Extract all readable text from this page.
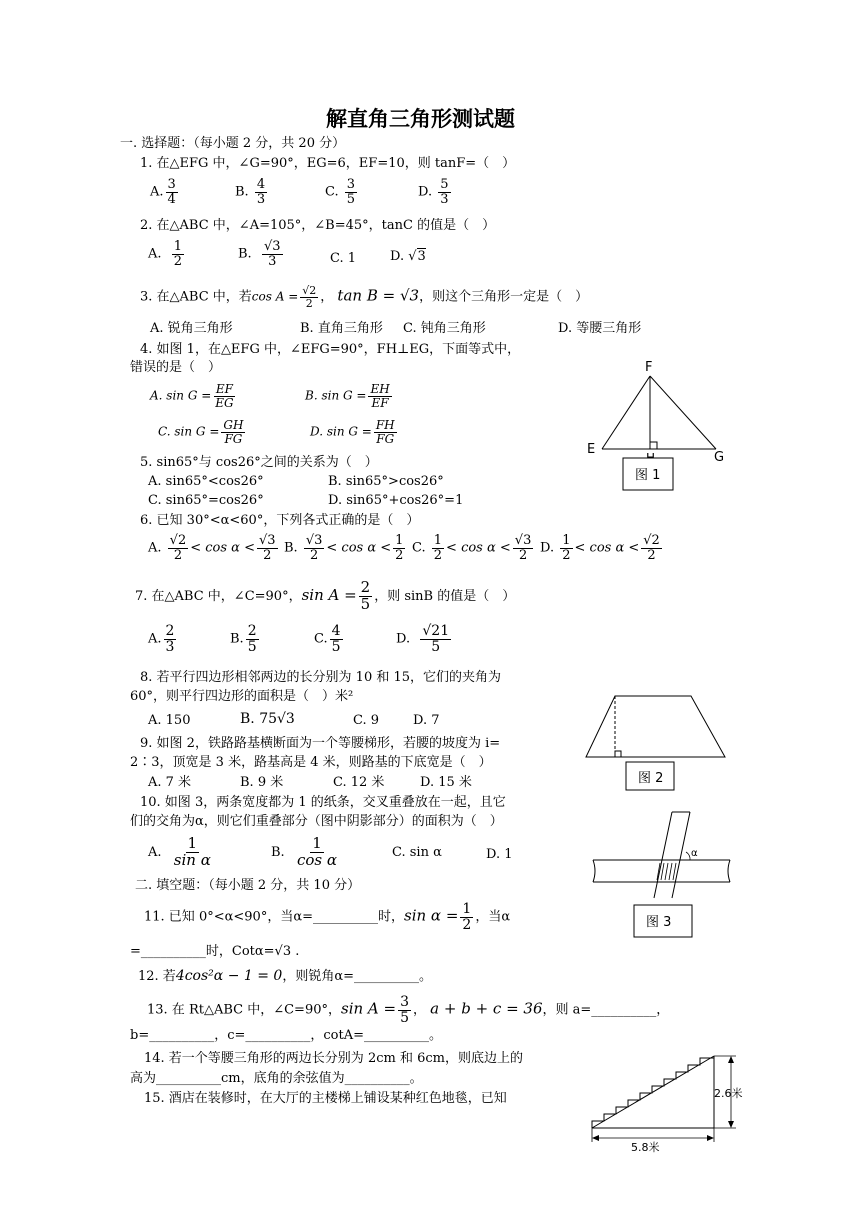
解直角三角形测试题
一. 选择题：（每小题 2 分，共 20 分）
1. 在△EFG 中，∠G=90°，EG=6，EF=10，则 tanF=（　）
A. $\frac{3}{4}$	B. $\frac{4}{3}$	C. $\frac{3}{5}$	D. $\frac{5}{3}$
2. 在△ABC 中，∠A=105°，∠B=45°，tanC 的值是（　）
A. $\frac{1}{2}$	B. $\frac{√3}{3}$	C. 1	D. √3
3. 在△ABC 中，若$\cos A = \frac{√2}{2}$ ， tan B = √3，则这个三角形一定是（　）
A. 锐角三角形	B. 直角三角形 C. 钝角三角形	D. 等腰三角形
4. 如图 1，在△EFG 中，∠EFG=90°，FH⊥EG，下面等式中，
错误的是（　）
A. $\sin G = \frac{EF}{EG}$	B. $\sin G = \frac{EH}{EF}$
C. $\sin G = \frac{GH}{FG}$	D. $\sin G = \frac{FH}{FG}$
F
E
G
图 1
5. sin65°与 cos26°之间的关系为（　）
A. sin65°<cos26°	B. sin65°>cos26°
C. sin65°=cos26°	D. sin65°+cos26°=1
6. 已知 30°<α<60°，下列各式正确的是（　）
A. $\frac{√2}{2} < \cos \alpha < \frac{√3}{2} B$. $\frac{√3}{2} < \cos \alpha < \frac{1}{2} C$. $\frac{1}{2} < \cos \alpha < \frac{√3}{2} D$. $\frac{1}{2} < \cos \alpha < \frac{√2}{2}$
7. 在△ABC 中，∠C=90°，$\sin A = \frac{2}{5}$ ，则 sinB 的值是（　）
A. $\frac{2}{3}$	B. $\frac{2}{5}$	C. $\frac{4}{5}$	D. $\frac{√21}{5}$
8. 若平行四边形相邻两边的长分别为 10 和 15，它们的夹角为
60°，则平行四边形的面积是（　）米²
A. 150	B. 75√3	C. 9	D. 7
图 2
9. 如图 2，铁路路基横断面为一个等腰梯形，若腰的坡度为 i=
2∶3，顶宽是 3 米，路基高是 4 米，则路基的下底宽是（　）
A. 7 米	B. 9 米	C. 12 米	D. 15 米
10. 如图 3，两条宽度都为 1 的纸条，交叉重叠放在一起，且它
们的交角为α，则它们重叠部分（图中阴影部分）的面积为（　）
A. $\frac{1}{\text{sin α}}$	B. $\frac{1}{\text{cos α}}$	C. sin α	D. 1	α
图 3
二. 填空题：（每小题 2 分，共 10 分）
11. 已知 0°<α<90°，当α=__________时，$\sin \alpha = \frac{1}{2}$ ，当α
=__________时，Cotα=√3 .
12. 若4cos²α − 1 = 0，则锐角α=__________。
13. 在 Rt△ABC 中，∠C=90°，$\sin A = \frac{3}{5}$ ， a + b + c = 36，则 a=__________，
b=__________，c=__________，cotA=__________。
14. 若一个等腰三角形的两边长分别为 2cm 和 6cm，则底边上的
高为__________cm，底角的余弦值为__________。
15. 酒店在装修时，在大厅的主楼梯上铺设某种红色地毯，已知	2.6米
5.8米
